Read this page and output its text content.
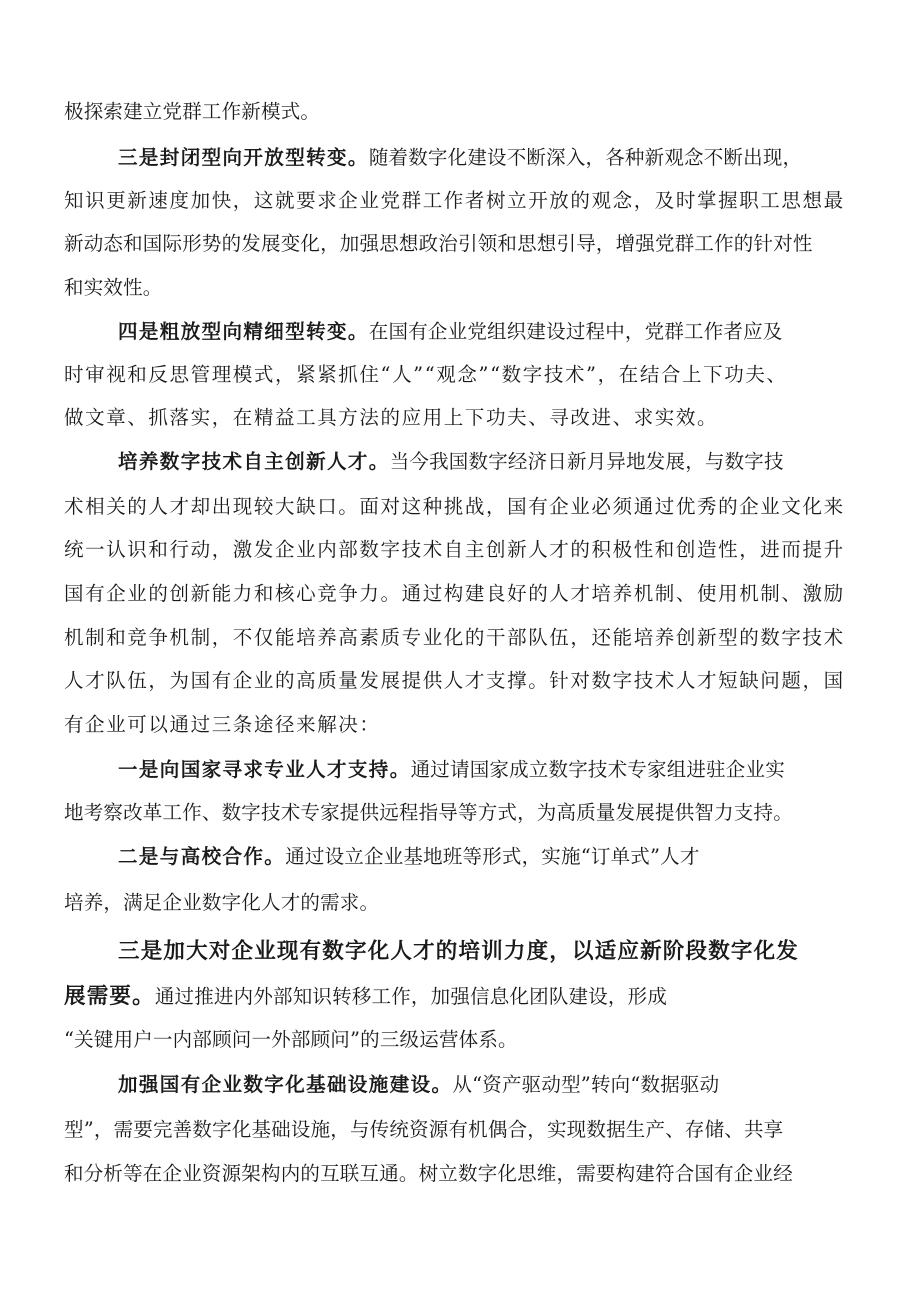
极探索建立党群工作新模式。
三是封闭型向开放型转变。随着数字化建设不断深入，各种新观念不断出现，
知识更新速度加快，这就要求企业党群工作者树立开放的观念，及时掌握职工思想最
新动态和国际形势的发展变化，加强思想政治引领和思想引导，增强党群工作的针对性
和实效性。
四是粗放型向精细型转变。在国有企业党组织建设过程中，党群工作者应及
时审视和反思管理模式，紧紧抓住“人”“观念”“数字技术”，在结合上下功夫、
做文章、抓落实，在精益工具方法的应用上下功夫、寻改进、求实效。
培养数字技术自主创新人才。当今我国数字经济日新月异地发展，与数字技
术相关的人才却出现较大缺口。面对这种挑战，国有企业必须通过优秀的企业文化来
统一认识和行动，激发企业内部数字技术自主创新人才的积极性和创造性，进而提升
国有企业的创新能力和核心竞争力。通过构建良好的人才培养机制、使用机制、激励
机制和竞争机制，不仅能培养高素质专业化的干部队伍，还能培养创新型的数字技术
人才队伍，为国有企业的高质量发展提供人才支撑。针对数字技术人才短缺问题，国
有企业可以通过三条途径来解决：
一是向国家寻求专业人才支持。通过请国家成立数字技术专家组进驻企业实
地考察改革工作、数字技术专家提供远程指导等方式，为高质量发展提供智力支持。
二是与高校合作。通过设立企业基地班等形式，实施“订单式”人才
培养，满足企业数字化人才的需求。
三是加大对企业现有数字化人才的培训力度，以适应新阶段数字化发
展需要。通过推进内外部知识转移工作，加强信息化团队建设，形成
“关键用户一内部顾问一外部顾问”的三级运营体系。
加强国有企业数字化基础设施建设。从“资产驱动型”转向“数据驱动
型”，需要完善数字化基础设施，与传统资源有机偶合，实现数据生产、存储、共享
和分析等在企业资源架构内的互联互通。树立数字化思维，需要构建符合国有企业经
